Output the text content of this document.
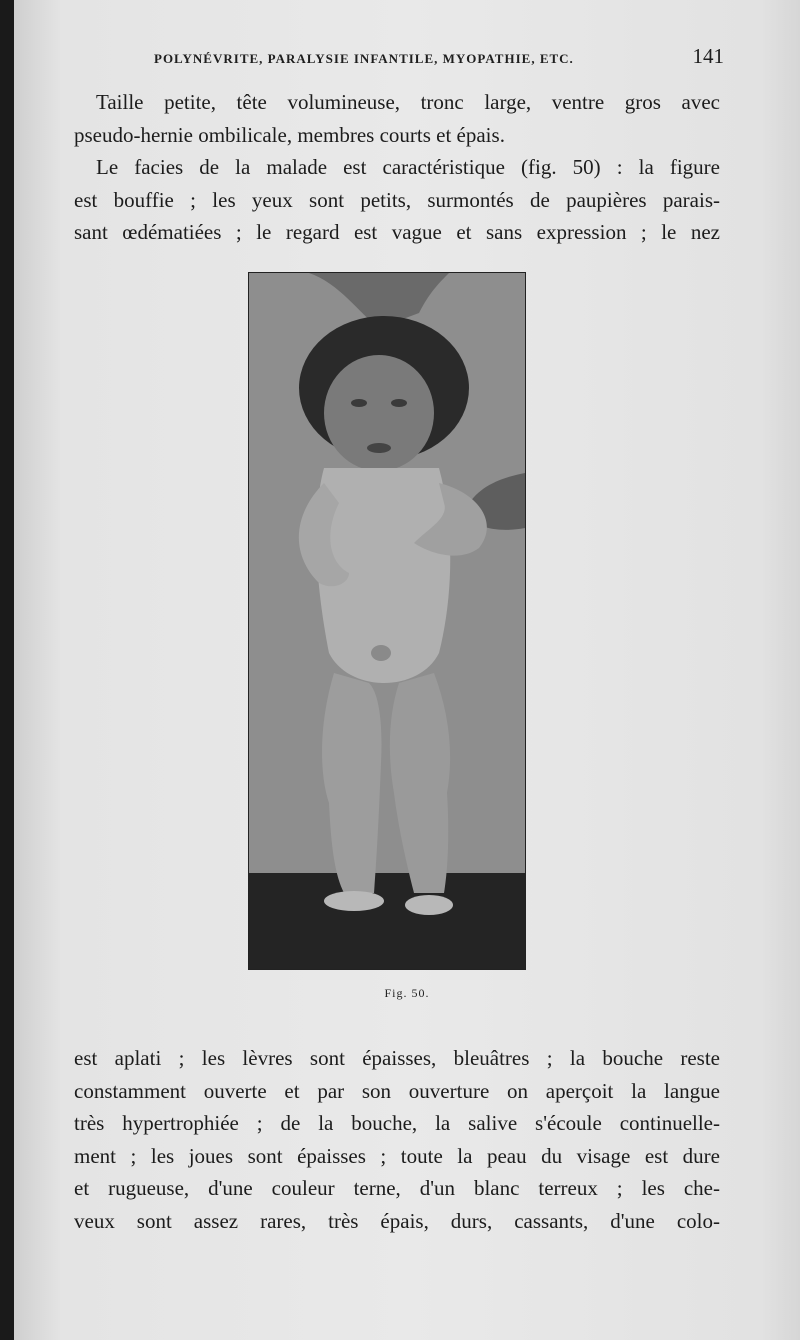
POLYNÉVRITE, PARALYSIE INFANTILE, MYOPATHIE, ETC.	141
Taille petite, tête volumineuse, tronc large, ventre gros avec
pseudo-hernie ombilicale, membres courts et épais.
Le facies de la malade est caractéristique (fig. 50) : la figure
est bouffie ; les yeux sont petits, surmontés de paupières parais-
sant œdématiées ; le regard est vague et sans expression ; le nez
Fig. 50.
est aplati ; les lèvres sont épaisses, bleuâtres ; la bouche reste
constamment ouverte et par son ouverture on aperçoit la langue
très hypertrophiée ; de la bouche, la salive s'écoule continuelle-
ment ; les joues sont épaisses ; toute la peau du visage est dure
et rugueuse, d'une couleur terne, d'un blanc terreux ; les che-
veux sont assez rares, très épais, durs, cassants, d'une colo-
